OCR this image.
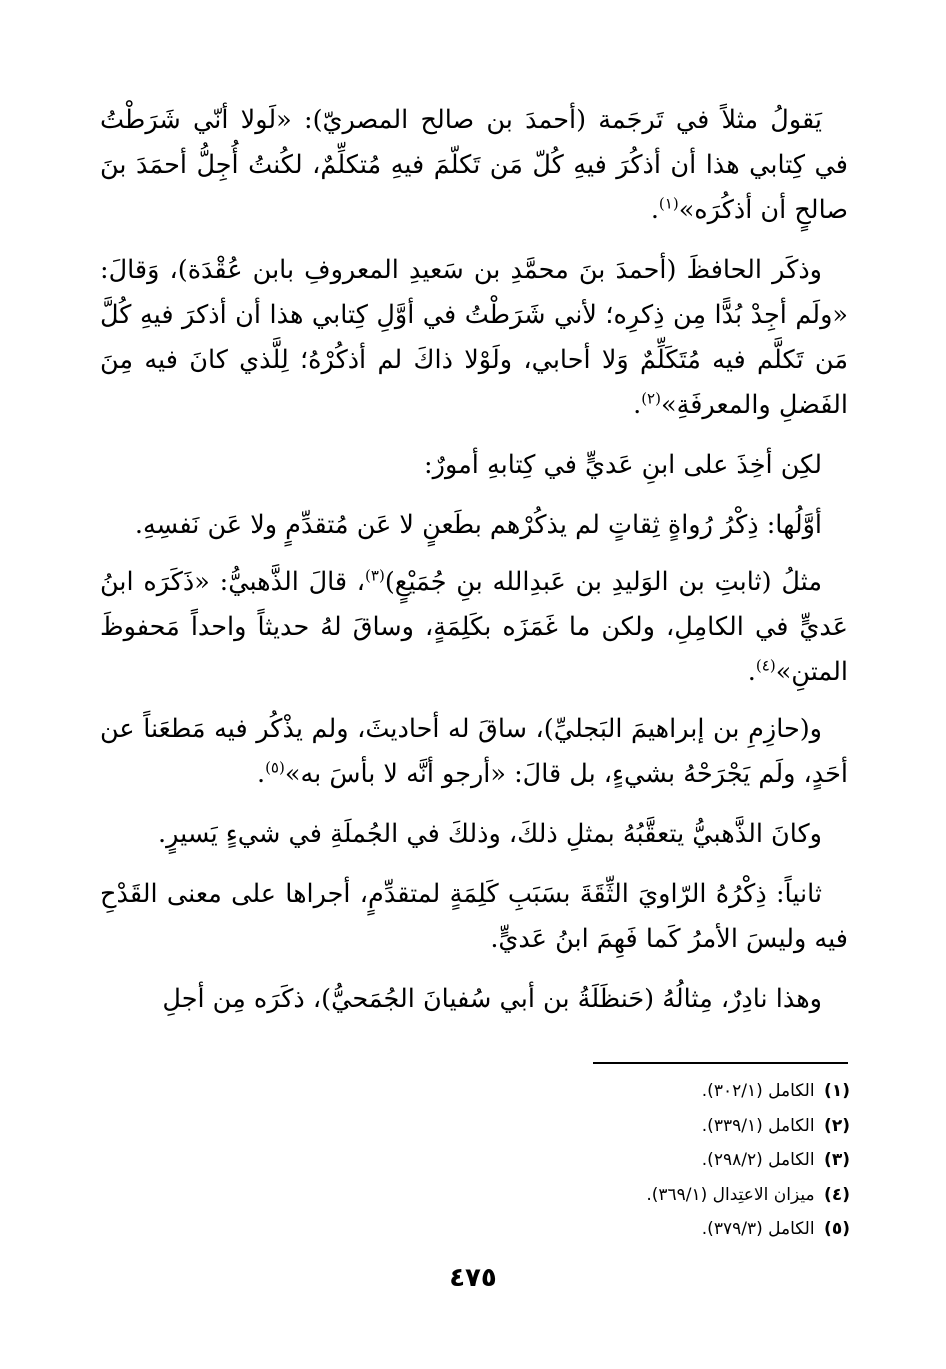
يَقولُ مثلاً في تَرجَمة (أحمدَ بن صالح المصريّ): «لَولا أنّي شَرَطْتُ في كِتابي هذا أن أذكُرَ فيهِ كُلّ مَن تَكلّمَ فيهِ مُتكلِّمٌ، لكُنتُ أُجِلُّ أحمَدَ بنَ صالحٍ أن أذكُرَه»$^{(١)}$.

وذكَر الحافظَ (أحمدَ بنَ محمَّدِ بن سَعيدِ المعروفِ بابن عُقْدَة)، وَقالَ: «ولَم أجِدْ بُدًّا مِن ذِكرِه؛ لأني شَرَطْتُ في أوَّلِ كِتابي هذا أن أذكرَ فيهِ كُلَّ مَن تَكلَّم فيه مُتَكَلِّمٌ وَلا أحابي، ولَوْلا ذاكَ لم أذكُرْهُ؛ لِلَّذي كانَ فيه مِنَ الفَضلِ والمعرفَةِ»$^{(٢)}$.

لكِن أخِذَ على ابنِ عَديٍّ في كِتابهِ أمورٌ:

أوَّلُها: ذِكْرُ رُواةٍ ثِقاتٍ لم يذكُرْهم بطَعنٍ لا عَن مُتقدِّمٍ ولا عَن نَفسِهِ.

مثلُ (ثابتِ بن الوَليدِ بن عَبدِالله بنِ جُمَيْعٍ)$^{(٣)}$، قالَ الذَّهبيُّ: «ذَكَرَه ابنُ عَديٍّ في الكامِلِ، ولكن ما غَمَزَه بكَلِمَةٍ، وساقَ لهُ حديثاً واحداً مَحفوظَ المتنِ»$^{(٤)}$.

و(حازِمِ بن إبراهيمَ البَجليِّ)، ساقَ له أحاديثَ، ولم يذْكُر فيه مَطعَناً عن أحَدٍ، ولَم يَجْرَحْهُ بشيءٍ، بل قالَ: «أرجو أنَّه لا بأسَ به»$^{(٥)}$.

وكانَ الذَّهبيُّ يتعقَّبُهُ بمثلِ ذلكَ، وذلكَ في الجُملَةِ في شيءٍ يَسيرٍ.

ثانياً: ذِكْرُهُ الرّاويَ الثِّقَةَ بسَبَبِ كَلِمَةٍ لمتقدِّمٍ، أجراها على معنى القَدْحِ فيه وليسَ الأمرُ كَما فَهِمَ ابنُ عَديٍّ.

وهذا نادِرٌ، مِثالُهُ (حَنظَلَةُ بن أبي سُفيانَ الجُمَحيُّ)، ذكَرَه مِن أجلِ

(١) الكامل (٣٠٢/١).
(٢) الكامل (٣٣٩/١).
(٣) الكامل (٢٩٨/٢).
(٤) ميزان الاعتِدال (٣٦٩/١).
(٥) الكامل (٣٧٩/٣).
٤٧٥
